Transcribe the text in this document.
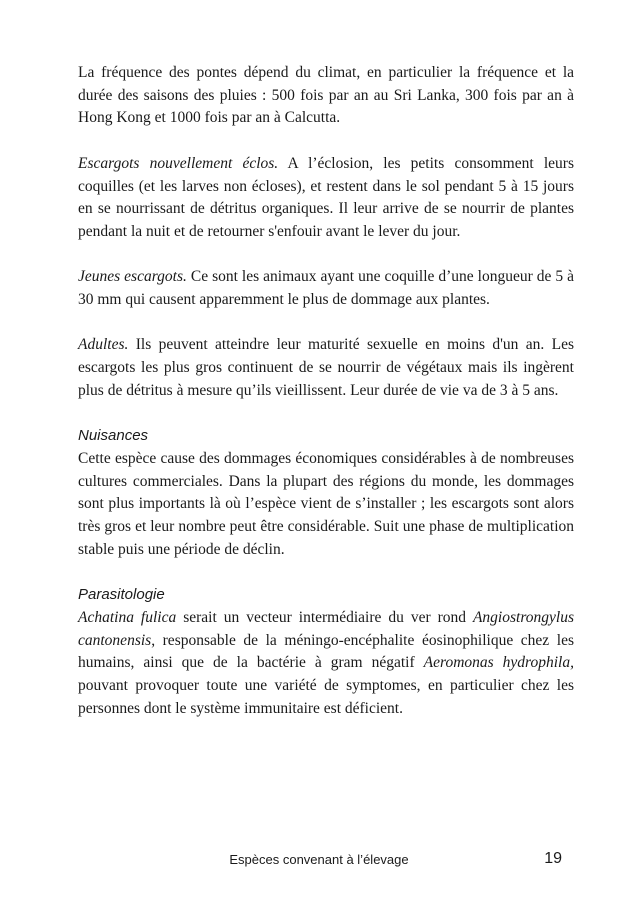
La fréquence des pontes dépend du climat, en particulier la fréquence et la durée des saisons des pluies : 500 fois par an au Sri Lanka, 300 fois par an à Hong Kong et 1000 fois par an à Calcutta.

Escargots nouvellement éclos. A l’éclosion, les petits consomment leurs coquilles (et les larves non écloses), et restent dans le sol pendant 5 à 15 jours en se nourrissant de détritus organiques. Il leur arrive de se nourrir de plantes pendant la nuit et de retourner s'enfouir avant le lever du jour.

Jeunes escargots. Ce sont les animaux ayant une coquille d’une longueur de 5 à 30 mm qui causent apparemment le plus de dommage aux plantes.

Adultes. Ils peuvent atteindre leur maturité sexuelle en moins d'un an. Les escargots les plus gros continuent de se nourrir de végétaux mais ils ingèrent plus de détritus à mesure qu’ils vieillissent. Leur durée de vie va de 3 à 5 ans.

Nuisances

Cette espèce cause des dommages économiques considérables à de nombreuses cultures commerciales. Dans la plupart des régions du monde, les dommages sont plus importants là où l’espèce vient de s’installer ; les escargots sont alors très gros et leur nombre peut être considérable. Suit une phase de multiplication stable puis une période de déclin.

Parasitologie

Achatina fulica serait un vecteur intermédiaire du ver rond Angiostrongylus cantonensis, responsable de la méningo-encéphalite éosinophilique chez les humains, ainsi que de la bactérie à gram négatif Aeromonas hydrophila, pouvant provoquer toute une variété de symptomes, en particulier chez les personnes dont le système immunitaire est déficient.

Espèces convenant à l’élevage	19
